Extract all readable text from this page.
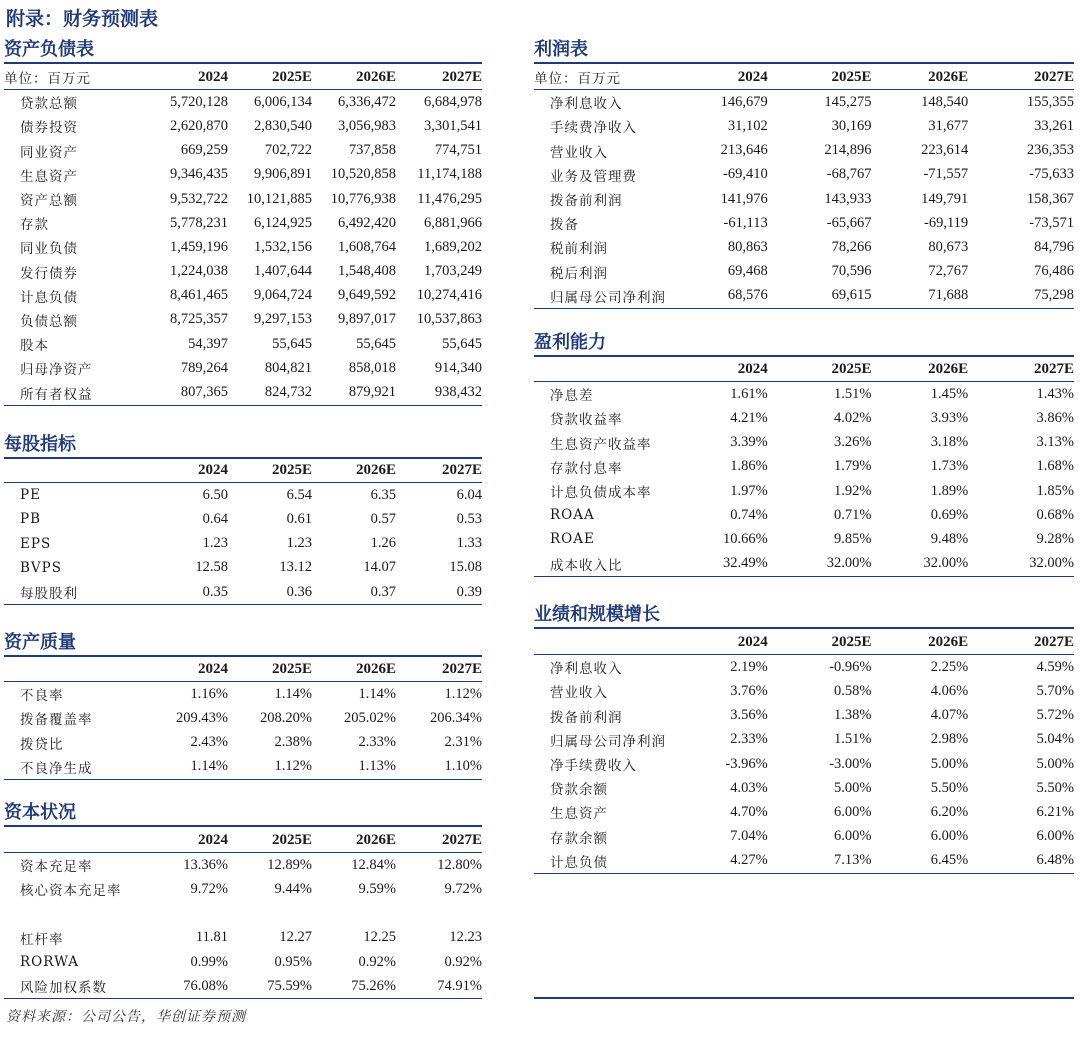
附录：财务预测表
资产负债表
单位：百万元	2024	2025E	2026E	2027E
贷款总额	5,720,128	6,006,134	6,336,472	6,684,978
债券投资	2,620,870	2,830,540	3,056,983	3,301,541
同业资产	669,259	702,722	737,858	774,751
生息资产	9,346,435	9,906,891	10,520,858	11,174,188
资产总额	9,532,722	10,121,885	10,776,938	11,476,295
存款	5,778,231	6,124,925	6,492,420	6,881,966
同业负债	1,459,196	1,532,156	1,608,764	1,689,202
发行债券	1,224,038	1,407,644	1,548,408	1,703,249
计息负债	8,461,465	9,064,724	9,649,592	10,274,416
负债总额	8,725,357	9,297,153	9,897,017	10,537,863
股本	54,397	55,645	55,645	55,645
归母净资产	789,264	804,821	858,018	914,340
所有者权益	807,365	824,732	879,921	938,432
每股指标
	2024	2025E	2026E	2027E
PE	6.50	6.54	6.35	6.04
PB	0.64	0.61	0.57	0.53
EPS	1.23	1.23	1.26	1.33
BVPS	12.58	13.12	14.07	15.08
每股股利	0.35	0.36	0.37	0.39
资产质量
	2024	2025E	2026E	2027E
不良率	1.16%	1.14%	1.14%	1.12%
拨备覆盖率	209.43%	208.20%	205.02%	206.34%
拨贷比	2.43%	2.38%	2.33%	2.31%
不良净生成	1.14%	1.12%	1.13%	1.10%
资本状况
	2024	2025E	2026E	2027E
资本充足率	13.36%	12.89%	12.84%	12.80%
核心资本充足率	9.72%	9.44%	9.59%	9.72%

杠杆率	11.81	12.27	12.25	12.23
RORWA	0.99%	0.95%	0.92%	0.92%
风险加权系数	76.08%	75.59%	75.26%	74.91%
利润表
单位：百万元	2024	2025E	2026E	2027E
净利息收入	146,679	145,275	148,540	155,355
手续费净收入	31,102	30,169	31,677	33,261
营业收入	213,646	214,896	223,614	236,353
业务及管理费	-69,410	-68,767	-71,557	-75,633
拨备前利润	141,976	143,933	149,791	158,367
拨备	-61,113	-65,667	-69,119	-73,571
税前利润	80,863	78,266	80,673	84,796
税后利润	69,468	70,596	72,767	76,486
归属母公司净利润	68,576	69,615	71,688	75,298
盈利能力
	2024	2025E	2026E	2027E
净息差	1.61%	1.51%	1.45%	1.43%
贷款收益率	4.21%	4.02%	3.93%	3.86%
生息资产收益率	3.39%	3.26%	3.18%	3.13%
存款付息率	1.86%	1.79%	1.73%	1.68%
计息负债成本率	1.97%	1.92%	1.89%	1.85%
ROAA	0.74%	0.71%	0.69%	0.68%
ROAE	10.66%	9.85%	9.48%	9.28%
成本收入比	32.49%	32.00%	32.00%	32.00%
业绩和规模增长
	2024	2025E	2026E	2027E
净利息收入	2.19%	-0.96%	2.25%	4.59%
营业收入	3.76%	0.58%	4.06%	5.70%
拨备前利润	3.56%	1.38%	4.07%	5.72%
归属母公司净利润	2.33%	1.51%	2.98%	5.04%
净手续费收入	-3.96%	-3.00%	5.00%	5.00%
贷款余额	4.03%	5.00%	5.50%	5.50%
生息资产	4.70%	6.00%	6.20%	6.21%
存款余额	7.04%	6.00%	6.00%	6.00%
计息负债	4.27%	7.13%	6.45%	6.48%
资料来源：公司公告，华创证券预测
